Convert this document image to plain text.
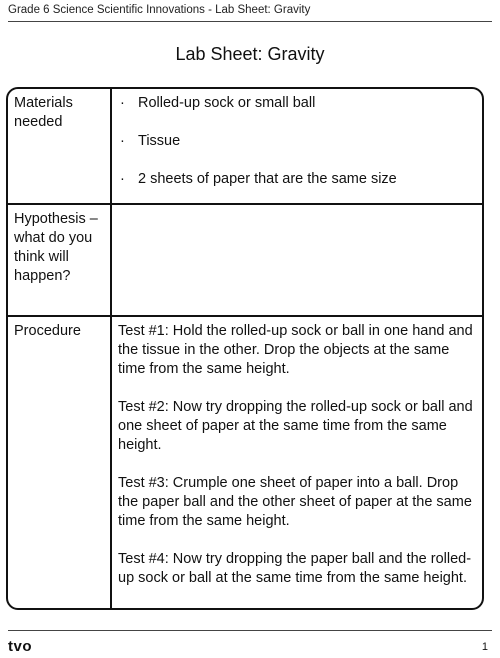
Grade 6 Science Scientific Innovations - Lab Sheet: Gravity
Lab Sheet: Gravity
Materials needed
· Rolled-up sock or small ball
· Tissue
· 2 sheets of paper that are the same size
Hypothesis – what do you think will happen?
Procedure	Test #1: Hold the rolled-up sock or ball in one hand and the tissue in the other. Drop the objects at the same time from the same height.

Test #2: Now try dropping the rolled-up sock or ball and one sheet of paper at the same time from the same height.

Test #3: Crumple one sheet of paper into a ball. Drop the paper ball and the other sheet of paper at the same time from the same height.

Test #4: Now try dropping the paper ball and the rolled-up sock or ball at the same time from the same height.

tvo	1
